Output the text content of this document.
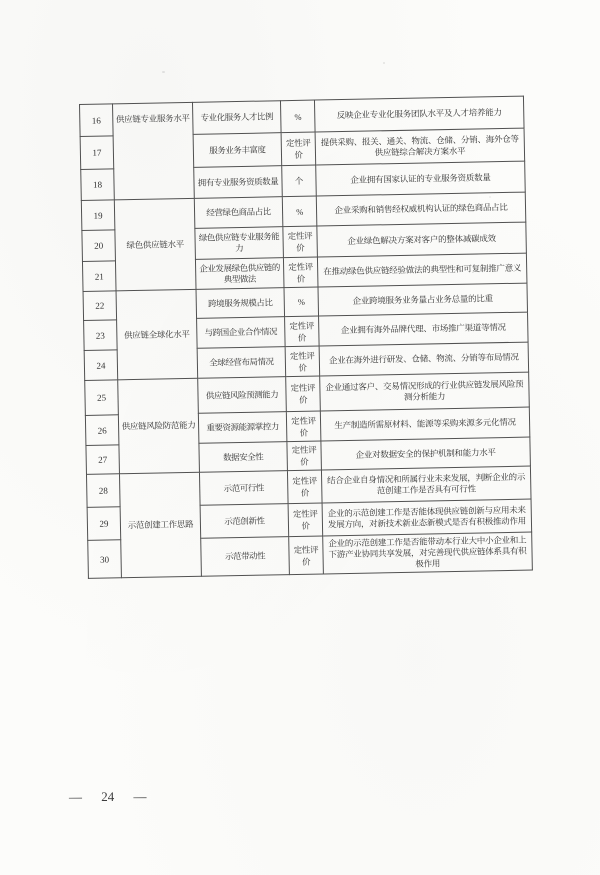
16	供应链专业服务水平	专业化服务人才比例	%	反映企业专业化服务团队水平及人才培养能力
17		服务业务丰富度	定性评价	提供采购、报关、通关、物流、仓储、分销、海外仓等供应链综合解决方案水平
18		拥有专业服务资质数量	个	企业拥有国家认证的专业服务资质数量
19	绿色供应链水平	经营绿色商品占比	%	企业采购和销售经权威机构认证的绿色商品占比
20		绿色供应链专业服务能力	定性评价	企业绿色解决方案对客户的整体减碳成效
21		企业发展绿色供应链的典型做法	定性评价	在推动绿色供应链经验做法的典型性和可复制推广意义
22	供应链全球化水平	跨境服务规模占比	%	企业跨境服务业务量占业务总量的比重
23		与跨国企业合作情况	定性评价	企业拥有海外品牌代理、市场推广渠道等情况
24		全球经营布局情况	定性评价	企业在海外进行研发、仓储、物流、分销等布局情况
25	供应链风险防范能力	供应链风险预测能力	定性评价	企业通过客户、交易情况形成的行业供应链发展风险预测分析能力
26		重要资源能源掌控力	定性评价	生产制造所需原材料、能源等采购来源多元化情况
27		数据安全性	定性评价	企业对数据安全的保护机制和能力水平
28	示范创建工作思路	示范可行性	定性评价	结合企业自身情况和所属行业未来发展，判断企业的示范创建工作是否具有可行性
29		示范创新性	定性评价	企业的示范创建工作是否能体现供应链创新与应用未来发展方向，对新技术新业态新模式是否有积极推动作用
30		示范带动性	定性评价	企业的示范创建工作是否能带动本行业大中小企业和上下游产业协同共享发展，对完善现代供应链体系具有积极作用
— 24 —
